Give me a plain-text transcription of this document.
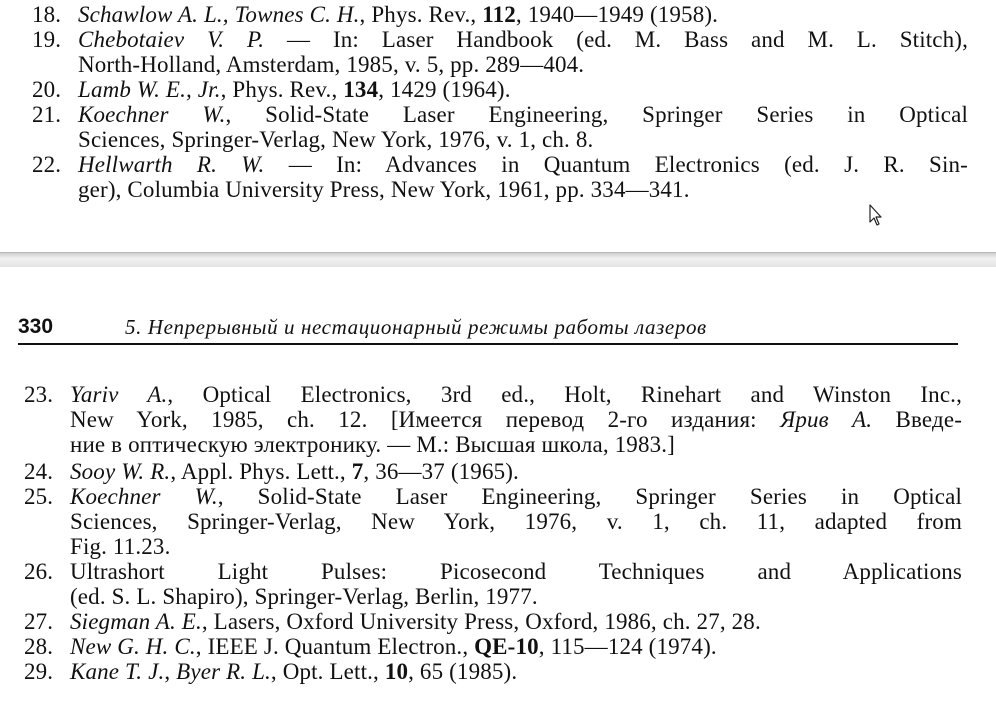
330	5. Непрерывный и нестационарный режимы работы лазеров
18. Schawlow A. L., Townes C. H., Phys. Rev., 112, 1940—1949 (1958).
19. Chebotaiev V. P. — In: Laser Handbook (ed. M. Bass and M. L. Stitch),
North-Holland, Amsterdam, 1985, v. 5, pp. 289—404.
20. Lamb W. E., Jr., Phys. Rev., 134, 1429 (1964).
21. Koechner W., Solid-State Laser Engineering, Springer Series in Optical
Sciences, Springer-Verlag, New York, 1976, v. 1, ch. 8.
22. Hellwarth R. W. — In: Advances in Quantum Electronics (ed. J. R. Sin-
ger), Columbia University Press, New York, 1961, pp. 334—341.
23. Yariv A., Optical Electronics, 3rd ed., Holt, Rinehart and Winston Inc.,
New York, 1985, ch. 12. [Имеется перевод 2-го издания: Ярив А. Введе-
ние в оптическую электронику. — М.: Высшая школа, 1983.]
24. Sooy W. R., Appl. Phys. Lett., 7, 36—37 (1965).
25. Koechner W., Solid-State Laser Engineering, Springer Series in Optical
Sciences, Springer-Verlag, New York, 1976, v. 1, ch. 11, adapted from
Fig. 11.23.
26. Ultrashort Light Pulses: Picosecond Techniques and Applications
(ed. S. L. Shapiro), Springer-Verlag, Berlin, 1977.
27. Siegman A. E., Lasers, Oxford University Press, Oxford, 1986, ch. 27, 28.
28. New G. H. C., IEEE J. Quantum Electron., QE-10, 115—124 (1974).
29. Kane T. J., Byer R. L., Opt. Lett., 10, 65 (1985).
